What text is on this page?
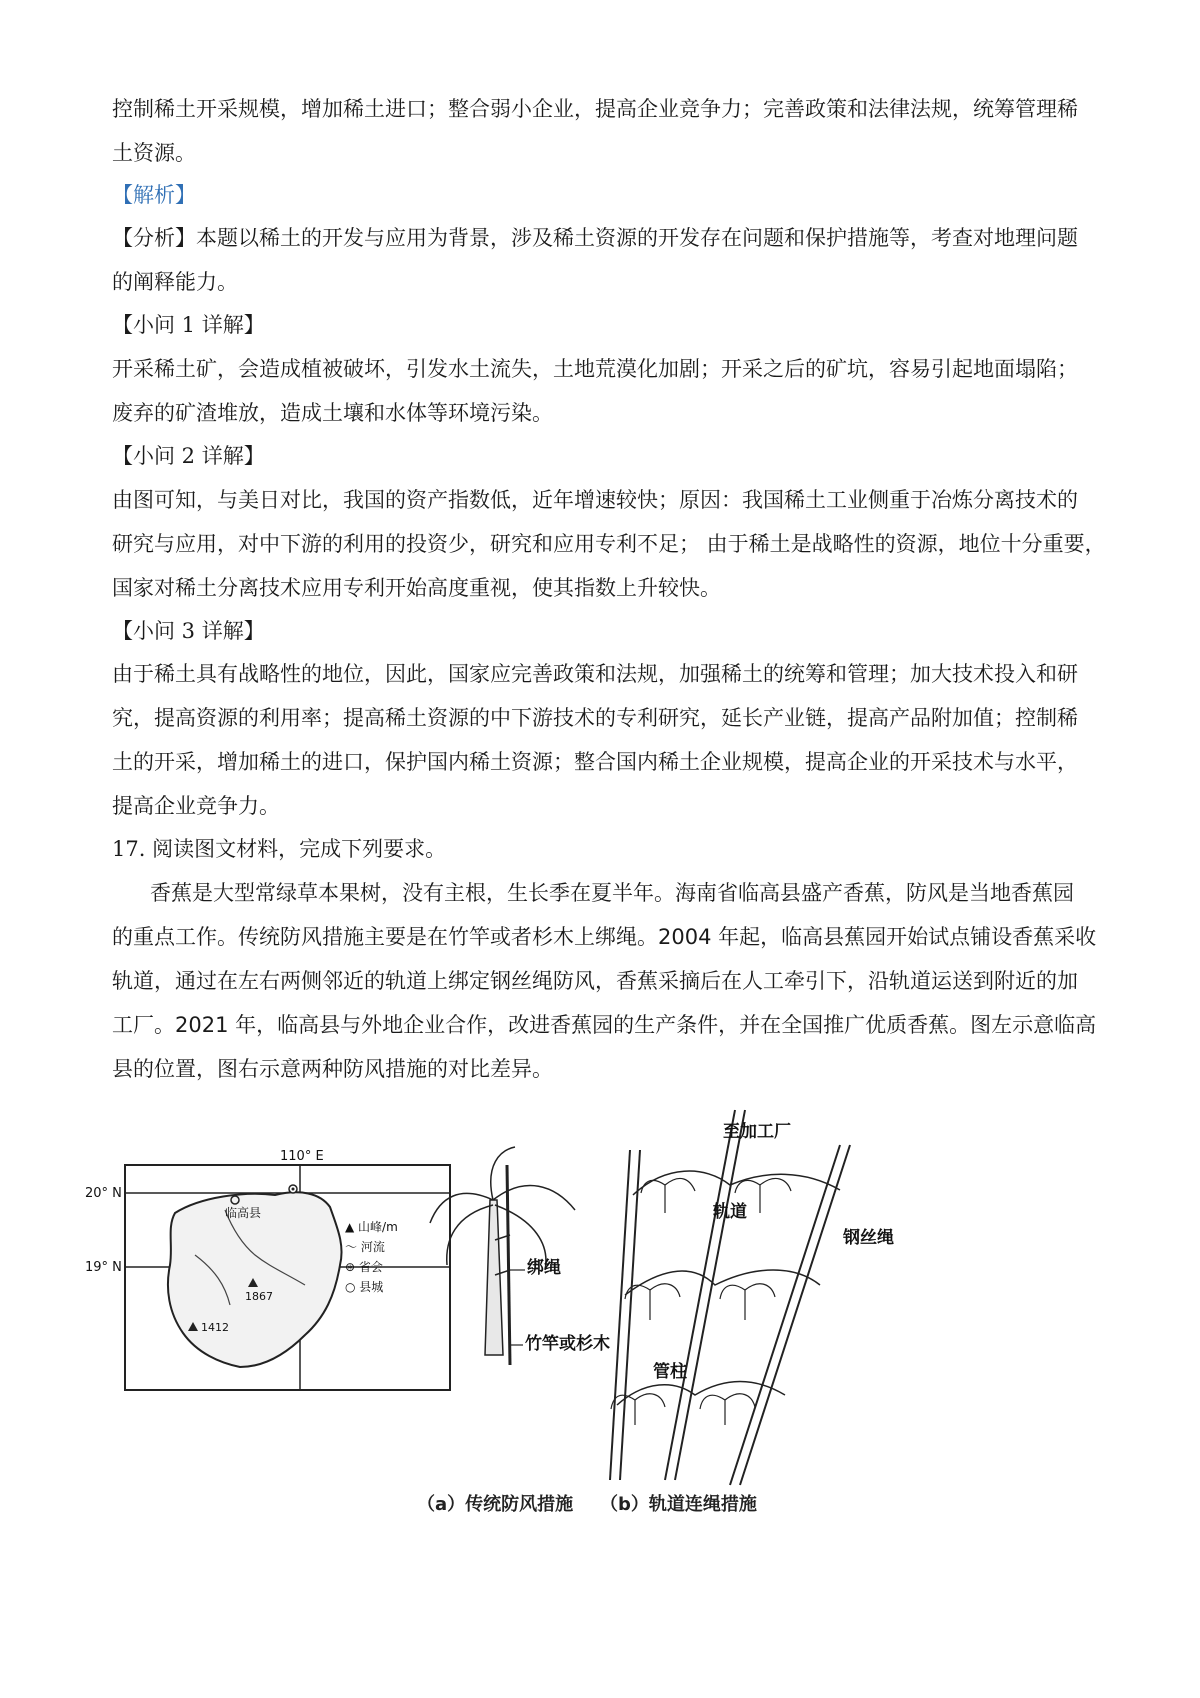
控制稀土开采规模，增加稀土进口；整合弱小企业，提高企业竞争力；完善政策和法律法规，统筹管理稀
土资源。
【解析】
【分析】本题以稀土的开发与应用为背景，涉及稀土资源的开发存在问题和保护措施等，考查对地理问题
的阐释能力。
【小问 1 详解】
开采稀土矿，会造成植被破坏，引发水土流失，土地荒漠化加剧；开采之后的矿坑，容易引起地面塌陷；
废弃的矿渣堆放，造成土壤和水体等环境污染。
【小问 2 详解】
由图可知，与美日对比，我国的资产指数低，近年增速较快；原因：我国稀土工业侧重于冶炼分离技术的
研究与应用，对中下游的利用的投资少，研究和应用专利不足； 由于稀土是战略性的资源，地位十分重要，
国家对稀土分离技术应用专利开始高度重视，使其指数上升较快。
【小问 3 详解】
由于稀土具有战略性的地位，因此，国家应完善政策和法规，加强稀土的统筹和管理；加大技术投入和研
究，提高资源的利用率；提高稀土资源的中下游技术的专利研究，延长产业链，提高产品附加值；控制稀
土的开采，增加稀土的进口，保护国内稀土资源；整合国内稀土企业规模，提高企业的开采技术与水平，
提高企业竞争力。
17. 阅读图文材料，完成下列要求。
香蕉是大型常绿草本果树，没有主根，生长季在夏半年。海南省临高县盛产香蕉，防风是当地香蕉园
的重点工作。传统防风措施主要是在竹竿或者杉木上绑绳。2004 年起，临高县蕉园开始试点铺设香蕉采收
轨道，通过在左右两侧邻近的轨道上绑定钢丝绳防风，香蕉采摘后在人工牵引下，沿轨道运送到附近的加
工厂。2021 年，临高县与外地企业合作，改进香蕉园的生产条件，并在全国推广优质香蕉。图左示意临高
县的位置，图右示意两种防风措施的对比差异。
110° E
20° N
19° N
临高县
1867
1412
▲ 山峰/m
～ 河流
⊛ 省会
○ 县城
绑绳
竹竿或杉木
至加工厂
轨道
钢丝绳
管柱
（a）传统防风措施 （b）轨道连绳措施
